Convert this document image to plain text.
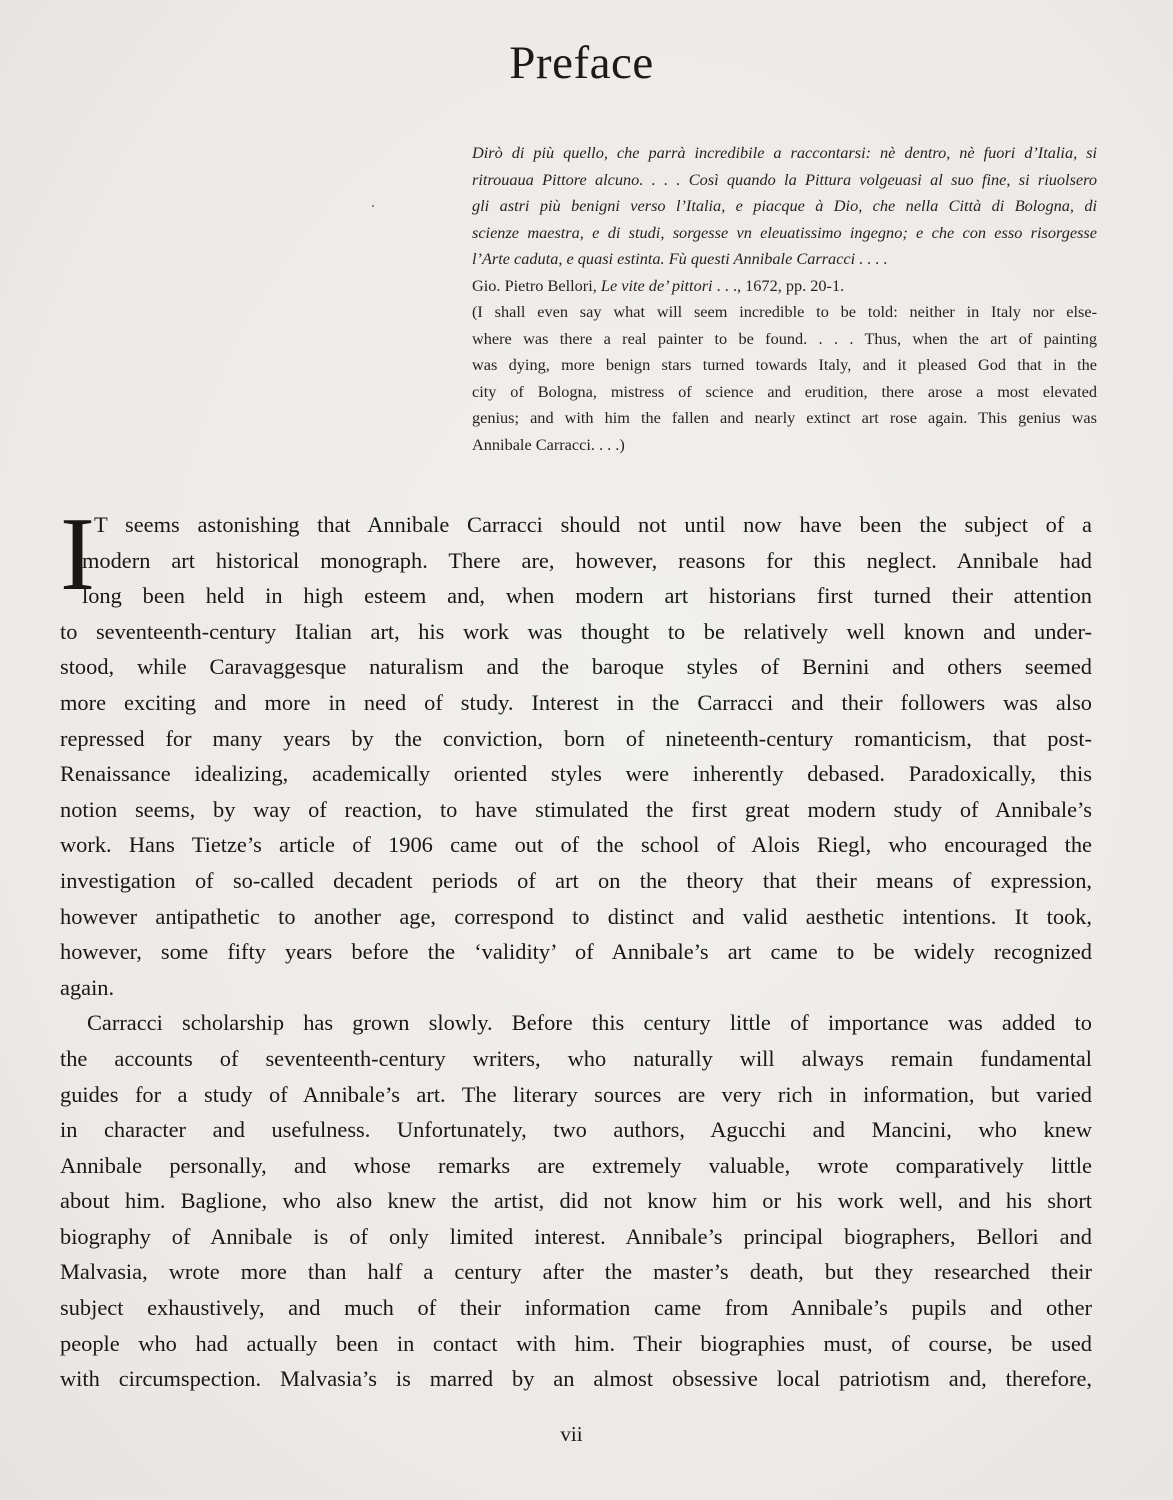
Preface
Dirò di più quello, che parrà incredibile a raccontarsi: nè dentro, nè fuori d’Italia, si
ritrouaua Pittore alcuno. . . . Così quando la Pittura volgeuasi al suo fine, si riuolsero
gli astri più benigni verso l’Italia, e piacque à Dio, che nella Città di Bologna, di
scienze maestra, e di studi, sorgesse vn eleuatissimo ingegno; e che con esso risorgesse
l’Arte caduta, e quasi estinta. Fù questi Annibale Carracci . . . .
Gio. Pietro Bellori, Le vite de’ pittori . . ., 1672, pp. 20-1.
(I shall even say what will seem incredible to be told: neither in Italy nor else-
where was there a real painter to be found. . . . Thus, when the art of painting
was dying, more benign stars turned towards Italy, and it pleased God that in the
city of Bologna, mistress of science and erudition, there arose a most elevated
genius; and with him the fallen and nearly extinct art rose again. This genius was
Annibale Carracci. . . .)
I T seems astonishing that Annibale Carracci should not until now have been the subject of a
modern art historical monograph. There are, however, reasons for this neglect. Annibale had
long been held in high esteem and, when modern art historians first turned their attention
to seventeenth-century Italian art, his work was thought to be relatively well known and under-
stood, while Caravaggesque naturalism and the baroque styles of Bernini and others seemed
more exciting and more in need of study. Interest in the Carracci and their followers was also
repressed for many years by the conviction, born of nineteenth-century romanticism, that post-
Renaissance idealizing, academically oriented styles were inherently debased. Paradoxically, this
notion seems, by way of reaction, to have stimulated the first great modern study of Annibale’s
work. Hans Tietze’s article of 1906 came out of the school of Alois Riegl, who encouraged the
investigation of so-called decadent periods of art on the theory that their means of expression,
however antipathetic to another age, correspond to distinct and valid aesthetic intentions. It took,
however, some fifty years before the ‘validity’ of Annibale’s art came to be widely recognized
again.
Carracci scholarship has grown slowly. Before this century little of importance was added to
the accounts of seventeenth-century writers, who naturally will always remain fundamental
guides for a study of Annibale’s art. The literary sources are very rich in information, but varied
in character and usefulness. Unfortunately, two authors, Agucchi and Mancini, who knew
Annibale personally, and whose remarks are extremely valuable, wrote comparatively little
about him. Baglione, who also knew the artist, did not know him or his work well, and his short
biography of Annibale is of only limited interest. Annibale’s principal biographers, Bellori and
Malvasia, wrote more than half a century after the master’s death, but they researched their
subject exhaustively, and much of their information came from Annibale’s pupils and other
people who had actually been in contact with him. Their biographies must, of course, be used
with circumspection. Malvasia’s is marred by an almost obsessive local patriotism and, therefore,
vii
